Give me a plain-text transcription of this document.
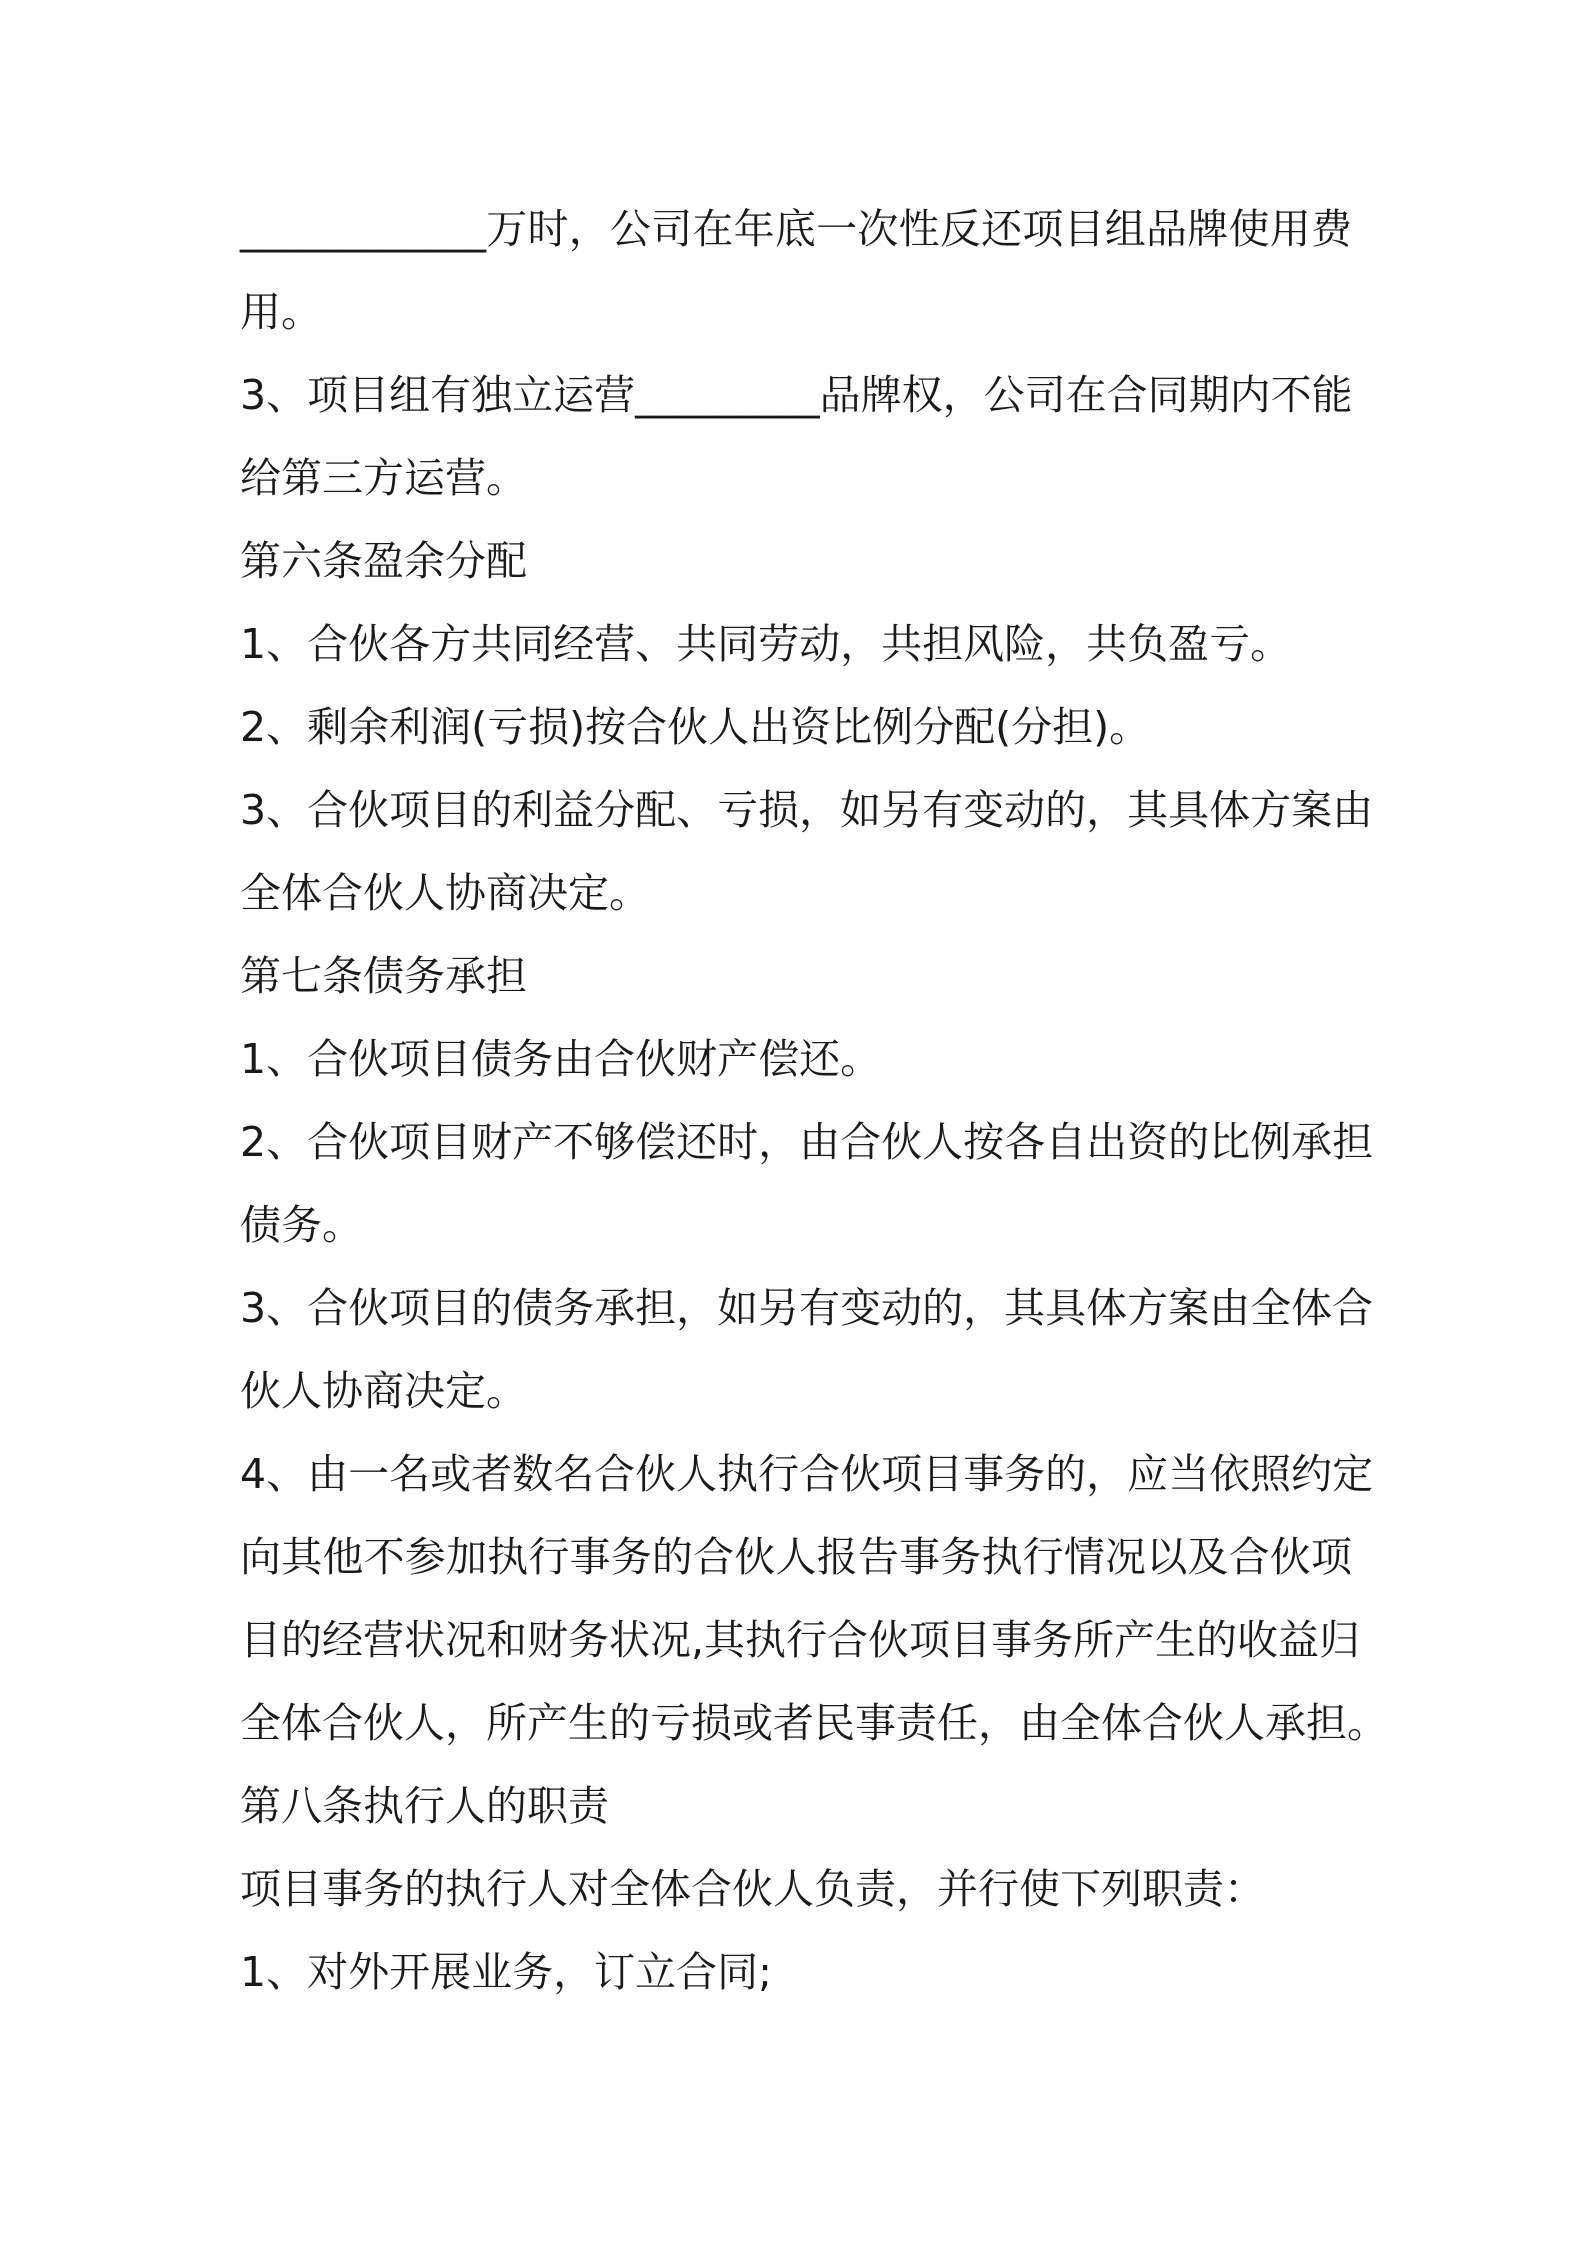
____________万时，公司在年底一次性反还项目组品牌使用费
用。
3、项目组有独立运营_________品牌权，公司在合同期内不能
给第三方运营。
第六条盈余分配
1、合伙各方共同经营、共同劳动，共担风险，共负盈亏。
2、剩余利润(亏损)按合伙人出资比例分配(分担)。
3、合伙项目的利益分配、亏损，如另有变动的，其具体方案由
全体合伙人协商决定。
第七条债务承担
1、合伙项目债务由合伙财产偿还。
2、合伙项目财产不够偿还时，由合伙人按各自出资的比例承担
债务。
3、合伙项目的债务承担，如另有变动的，其具体方案由全体合
伙人协商决定。
4、由一名或者数名合伙人执行合伙项目事务的，应当依照约定
向其他不参加执行事务的合伙人报告事务执行情况以及合伙项
目的经营状况和财务状况,其执行合伙项目事务所产生的收益归
全体合伙人，所产生的亏损或者民事责任，由全体合伙人承担。
第八条执行人的职责
项目事务的执行人对全体合伙人负责，并行使下列职责：
1、对外开展业务，订立合同;
